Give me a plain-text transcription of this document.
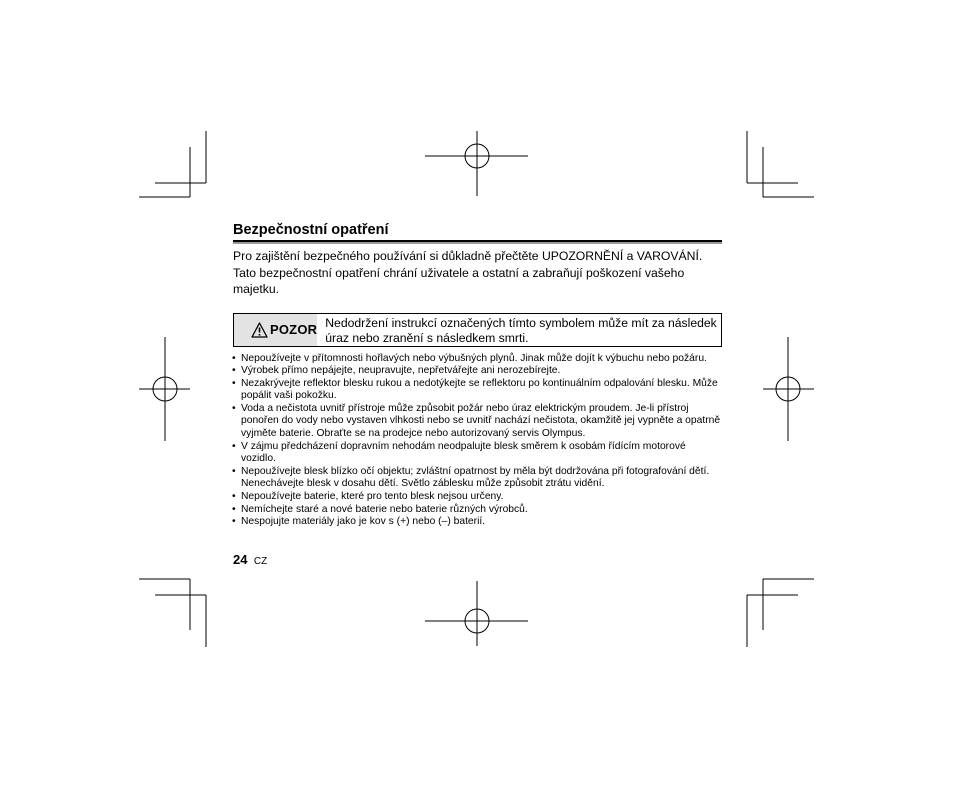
Bezpečnostní opatření

Pro zajištění bezpečného používání si důkladně přečtěte UPOZORNĚNÍ a VAROVÁNÍ. Tato bezpečnostní opatření chrání uživatele a ostatní a zabraňují poškození vašeho majetku.

POZOR Nedodržení instrukcí označených tímto symbolem může mít za následek úraz nebo zranění s následkem smrti.
• Nepoužívejte v přítomnosti hořlavých nebo výbušných plynů. Jinak může dojít k výbuchu nebo požáru.
• Výrobek přímo nepájejte, neupravujte, nepřetvářejte ani nerozebírejte.
• Nezakrývejte reflektor blesku rukou a nedotýkejte se reflektoru po kontinuálním odpalování blesku. Může popálit vaši pokožku.
• Voda a nečistota uvnitř přístroje může způsobit požár nebo úraz elektrickým proudem. Je-li přístroj ponořen do vody nebo vystaven vlhkosti nebo se uvnitř nachází nečistota, okamžitě jej vypněte a opatrně vyjměte baterie. Obraťte se na prodejce nebo autorizovaný servis Olympus.
• V zájmu předcházení dopravním nehodám neodpalujte blesk směrem k osobám řídícím motorové vozidlo.
• Nepoužívejte blesk blízko očí objektu; zvláštní opatrnost by měla být dodržována při fotografování dětí. Nenechávejte blesk v dosahu dětí. Světlo záblesku může způsobit ztrátu vidění.
• Nepoužívejte baterie, které pro tento blesk nejsou určeny.
• Nemíchejte staré a nové baterie nebo baterie různých výrobců.
• Nespojujte materiály jako je kov s (+) nebo (–) baterií.
24 CZ
